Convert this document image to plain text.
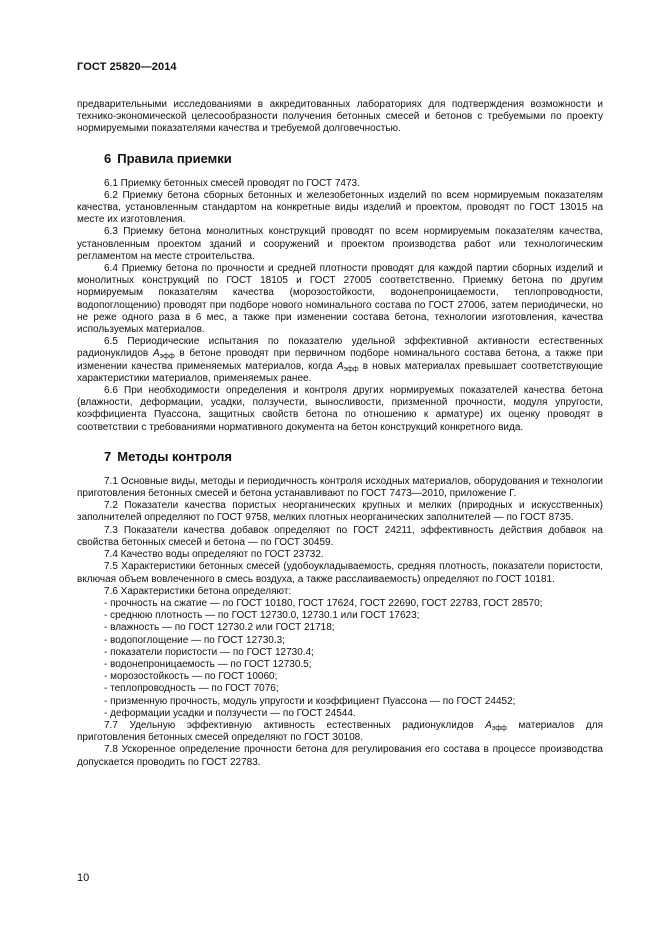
ГОСТ 25820—2014

предварительными исследованиями в аккредитованных лабораториях для подтверждения возможности и технико-экономической целесообразности получения бетонных смесей и бетонов с требуемыми по проекту нормируемыми показателями качества и требуемой долговечностью.

6 Правила приемки

6.1 Приемку бетонных смесей проводят по ГОСТ 7473.

6.2 Приемку бетона сборных бетонных и железобетонных изделий по всем нормируемым показателям качества, установленным стандартом на конкретные виды изделий и проектом, проводят по ГОСТ 13015 на месте их изготовления.

6.3 Приемку бетона монолитных конструкций проводят по всем нормируемым показателям качества, установленным проектом зданий и сооружений и проектом производства работ или технологическим регламентом на месте строительства.

6.4 Приемку бетона по прочности и средней плотности проводят для каждой партии сборных изделий и монолитных конструкций по ГОСТ 18105 и ГОСТ 27005 соответственно. Приемку бетона по другим нормируемым показателям качества (морозостойкости, водонепроницаемости, теплопроводности, водопоглощению) проводят при подборе нового номинального состава по ГОСТ 27006, затем периодически, но не реже одного раза в 6 мес, а также при изменении состава бетона, технологии изготовления, качества используемых материалов.

6.5 Периодические испытания по показателю удельной эффективной активности естественных радионуклидов $A_{эфф}$ в бетоне проводят при первичном подборе номинального состава бетона, а также при изменении качества применяемых материалов, когда $A_{эфф}$ в новых материалах превышает соответствующие характеристики материалов, применяемых ранее.

6.6 При необходимости определения и контроля других нормируемых показателей качества бетона (влажности, деформации, усадки, ползучести, выносливости, призменной прочности, модуля упругости, коэффициента Пуассона, защитных свойств бетона по отношению к арматуре) их оценку проводят в соответствии с требованиями нормативного документа на бетон конструкций конкретного вида.

7 Методы контроля

7.1 Основные виды, методы и периодичность контроля исходных материалов, оборудования и технологии приготовления бетонных смесей и бетона устанавливают по ГОСТ 7473—2010, приложение Г.

7.2 Показатели качества пористых неорганических крупных и мелких (природных и искусственных) заполнителей определяют по ГОСТ 9758, мелких плотных неорганических заполнителей — по ГОСТ 8735.

7.3 Показатели качества добавок определяют по ГОСТ 24211, эффективность действия добавок на свойства бетонных смесей и бетона — по ГОСТ 30459.

7.4 Качество воды определяют по ГОСТ 23732.

7.5 Характеристики бетонных смесей (удобоукладываемость, средняя плотность, показатели пористости, включая объем вовлеченного в смесь воздуха, а также расслаиваемость) определяют по ГОСТ 10181.

7.6 Характеристики бетона определяют:

- прочность на сжатие — по ГОСТ 10180, ГОСТ 17624, ГОСТ 22690, ГОСТ 22783, ГОСТ 28570;
- среднюю плотность — по ГОСТ 12730.0, 12730.1 или ГОСТ 17623;
- влажность — по ГОСТ 12730.2 или ГОСТ 21718;
- водопоглощение — по ГОСТ 12730.3;
- показатели пористости — по ГОСТ 12730.4;
- водонепроницаемость — по ГОСТ 12730.5;
- морозостойкость — по ГОСТ 10060;
- теплопроводность — по ГОСТ 7076;
- призменную прочность, модуль упругости и коэффициент Пуассона — по ГОСТ 24452;
- деформации усадки и ползучести — по ГОСТ 24544.

7.7 Удельную эффективную активность естественных радионуклидов $A_{эфф}$ материалов для приготовления бетонных смесей определяют по ГОСТ 30108.

7.8 Ускоренное определение прочности бетона для регулирования его состава в процессе производства допускается проводить по ГОСТ 22783.

10
